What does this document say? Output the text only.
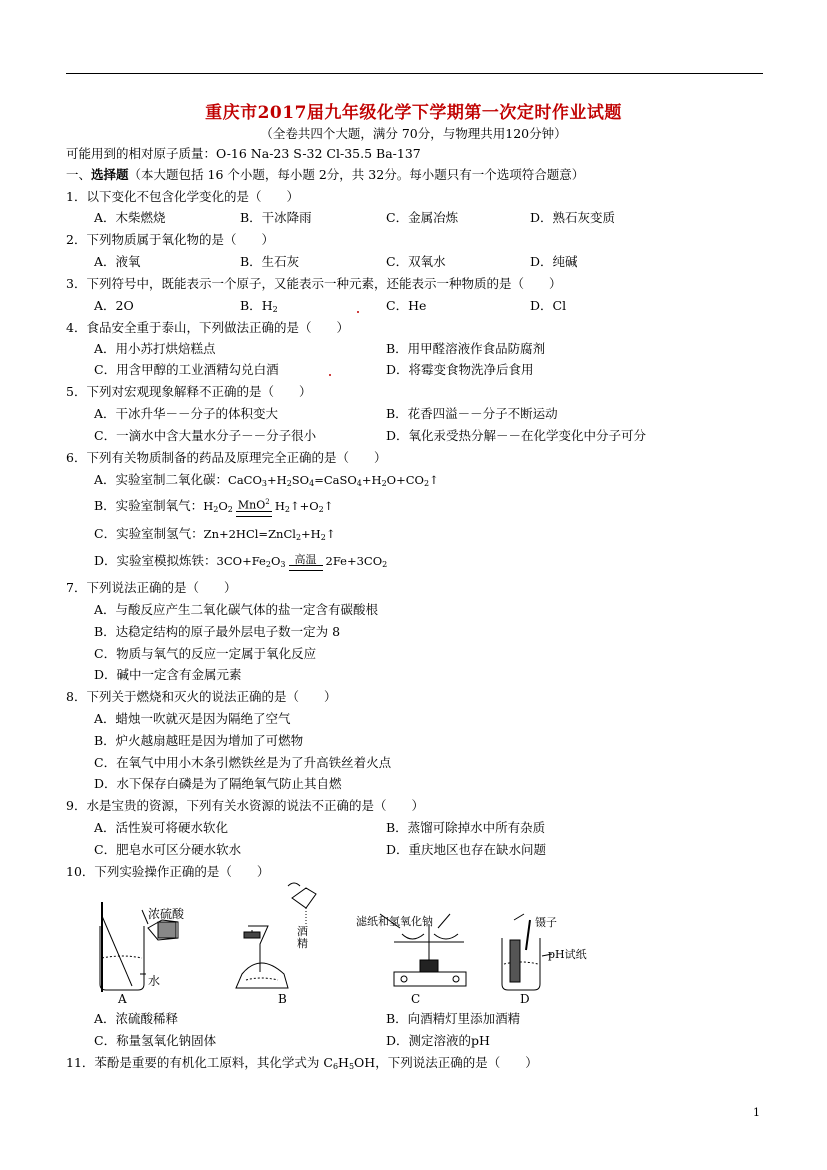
重庆市2017届九年级化学下学期第一次定时作业试题
（全卷共四个大题，满分 70分，与物理共用120分钟）
可能用到的相对原子质量：O-16 Na-23 S-32 Cl-35.5 Ba-137
一、选择题（本大题包括 16 个小题，每小题 2分，共 32分。每小题只有一个选项符合题意）
1．以下变化不包含化学变化的是（　　）
A．木柴燃烧	B．干冰降雨	C．金属冶炼	D．熟石灰变质
2．下列物质属于氧化物的是（　　）
A．液氧	B．生石灰	C．双氧水	D．纯碱
3．下列符号中，既能表示一个原子，又能表示一种元素，还能表示一种物质的是（　　）
A．2O	B．$H_2$	C．He	D．Cl
4．食品安全重于泰山，下列做法正确的是（　　）
A．用小苏打烘焙糕点	B．用甲醛溶液作食品防腐剂
C．用含甲醇的工业酒精勾兑白酒	D．将霉变食物洗净后食用
5．下列对宏观现象解释不正确的是（　　）
A．干冰升华－－分子的体积变大	B．花香四溢－－分子不断运动
C．一滴水中含大量水分子－－分子很小	D．氧化汞受热分解－－在化学变化中分子可分
6．下列有关物质制备的药品及原理完全正确的是（　　）
A．实验室制二氧化碳：$CaCO_3+H_2SO_4=CaSO_4+H_2O+CO_2↑$
B．实验室制氧气：$H_2O_2$ MnO$^2$ $H_2↑+O_2↑$
C．实验室制氢气：$Zn+2HCl=ZnCl_2+H_2↑$
D．实验室模拟炼铁：$3CO+Fe_2O_3$ 高温 $2Fe+3CO_2$
7．下列说法正确的是（　　）
A．与酸反应产生二氧化碳气体的盐一定含有碳酸根
B．达稳定结构的原子最外层电子数一定为 8
C．物质与氧气的反应一定属于氧化反应
D．碱中一定含有金属元素
8．下列关于燃烧和灭火的说法正确的是（　　）
A．蜡烛一吹就灭是因为隔绝了空气
B．炉火越扇越旺是因为增加了可燃物
C．在氧气中用小木条引燃铁丝是为了升高铁丝着火点
D．水下保存白磷是为了隔绝氧气防止其自燃
9．水是宝贵的资源，下列有关水资源的说法不正确的是（　　）
A．活性炭可将硬水软化	B．蒸馏可除掉水中所有杂质
C．肥皂水可区分硬水软水	D．重庆地区也存在缺水问题
10．下列实验操作正确的是（　　）
浓硫酸
水
酒精
滤纸和氢氧化钠	镊子
pH试纸
A	B	C	D
A．浓硫酸稀释	B．向酒精灯里添加酒精
C．称量氢氧化钠固体	D．测定溶液的pH
11．苯酚是重要的有机化工原料，其化学式为 $C_6H_5OH$，下列说法正确的是（　　）
1
